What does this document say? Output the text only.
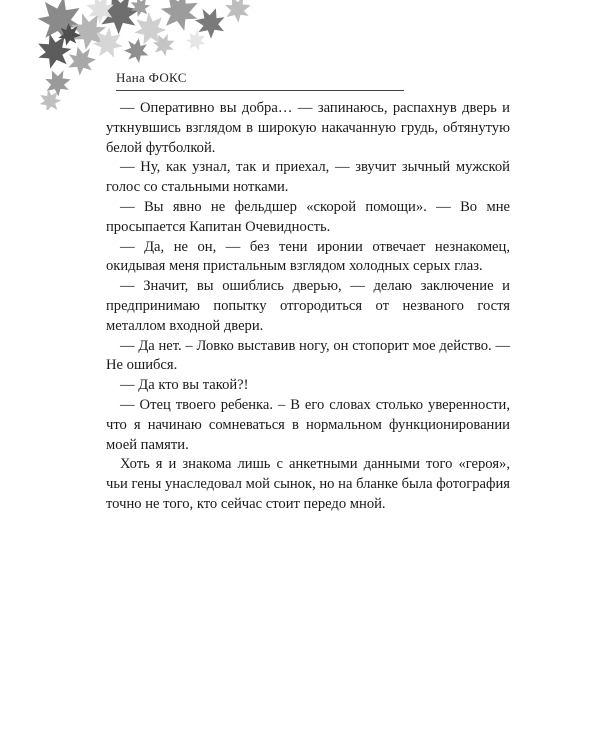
Нана ФОКС

— Оперативно вы добра… — запинаюсь, распахнув дверь и уткнувшись взглядом в широкую накачанную грудь, обтянутую белой футболкой.

— Ну, как узнал, так и приехал, — звучит зычный мужской голос со стальными нотками.

— Вы явно не фельдшер «скорой помощи». — Во мне просыпается Капитан Очевидность.

— Да, не он, — без тени иронии отвечает незнакомец, окидывая меня пристальным взглядом холодных серых глаз.

— Значит, вы ошиблись дверью, — делаю заключение и предпринимаю попытку отгородиться от незваного гостя металлом входной двери.

— Да нет. – Ловко выставив ногу, он стопорит мое действо. — Не ошибся.

— Да кто вы такой?!

— Отец твоего ребенка. – В его словах столько уверенности, что я начинаю сомневаться в нормальном функционировании моей памяти.

Хоть я и знакома лишь с анкетными данными того «героя», чьи гены унаследовал мой сынок, но на бланке была фотография точно не того, кто сейчас стоит передо мной.
